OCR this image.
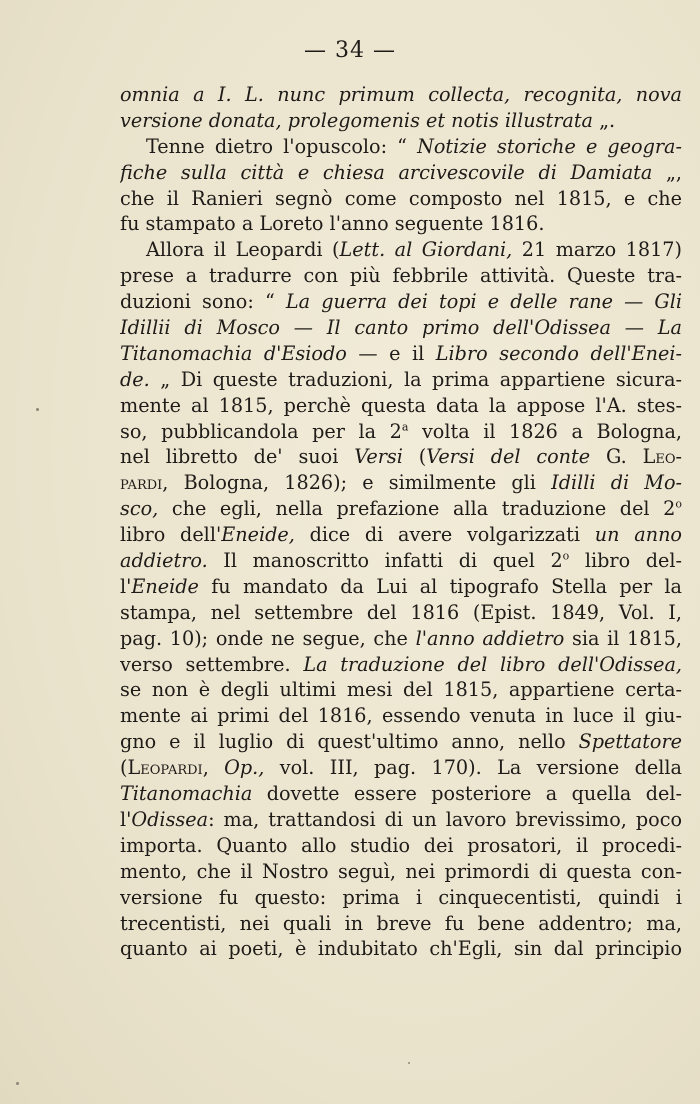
— 34 —
omnia a I. L. nunc primum collecta, recognita, nova
versione donata, prolegomenis et notis illustrata „.
Tenne dietro l'opuscolo: “ Notizie storiche e geogra-
fiche sulla città e chiesa arcivescovile di Damiata „,
che il Ranieri segnò come composto nel 1815, e che
fu stampato a Loreto l'anno seguente 1816.
Allora il Leopardi (Lett. al Giordani, 21 marzo 1817)
prese a tradurre con più febbrile attività. Queste tra-
duzioni sono: “ La guerra dei topi e delle rane — Gli
Idillii di Mosco — Il canto primo dell'Odissea — La
Titanomachia d'Esiodo — e il Libro secondo dell'Enei-
de. „ Di queste traduzioni, la prima appartiene sicura-
mente al 1815, perchè questa data la appose l'A. stes-
so, pubblicandola per la 2$^a$ volta il 1826 a Bologna,
nel libretto de' suoi Versi (Versi del conte G. Leo-
pardi, Bologna, 1826); e similmente gli Idilli di Mo-
sco, che egli, nella prefazione alla traduzione del 2$^o$
libro dell'Eneide, dice di avere volgarizzati un anno
addietro. Il manoscritto infatti di quel 2$^o$ libro del-
l'Eneide fu mandato da Lui al tipografo Stella per la
stampa, nel settembre del 1816 (Epist. 1849, Vol. I,
pag. 10); onde ne segue, che l'anno addietro sia il 1815,
verso settembre. La traduzione del libro dell'Odissea,
se non è degli ultimi mesi del 1815, appartiene certa-
mente ai primi del 1816, essendo venuta in luce il giu-
gno e il luglio di quest'ultimo anno, nello Spettatore
(Leopardi, Op., vol. III, pag. 170). La versione della
Titanomachia dovette essere posteriore a quella del-
l'Odissea: ma, trattandosi di un lavoro brevissimo, poco
importa. Quanto allo studio dei prosatori, il procedi-
mento, che il Nostro seguì, nei primordi di questa con-
versione fu questo: prima i cinquecentisti, quindi i
trecentisti, nei quali in breve fu bene addentro; ma,
quanto ai poeti, è indubitato ch'Egli, sin dal principio
